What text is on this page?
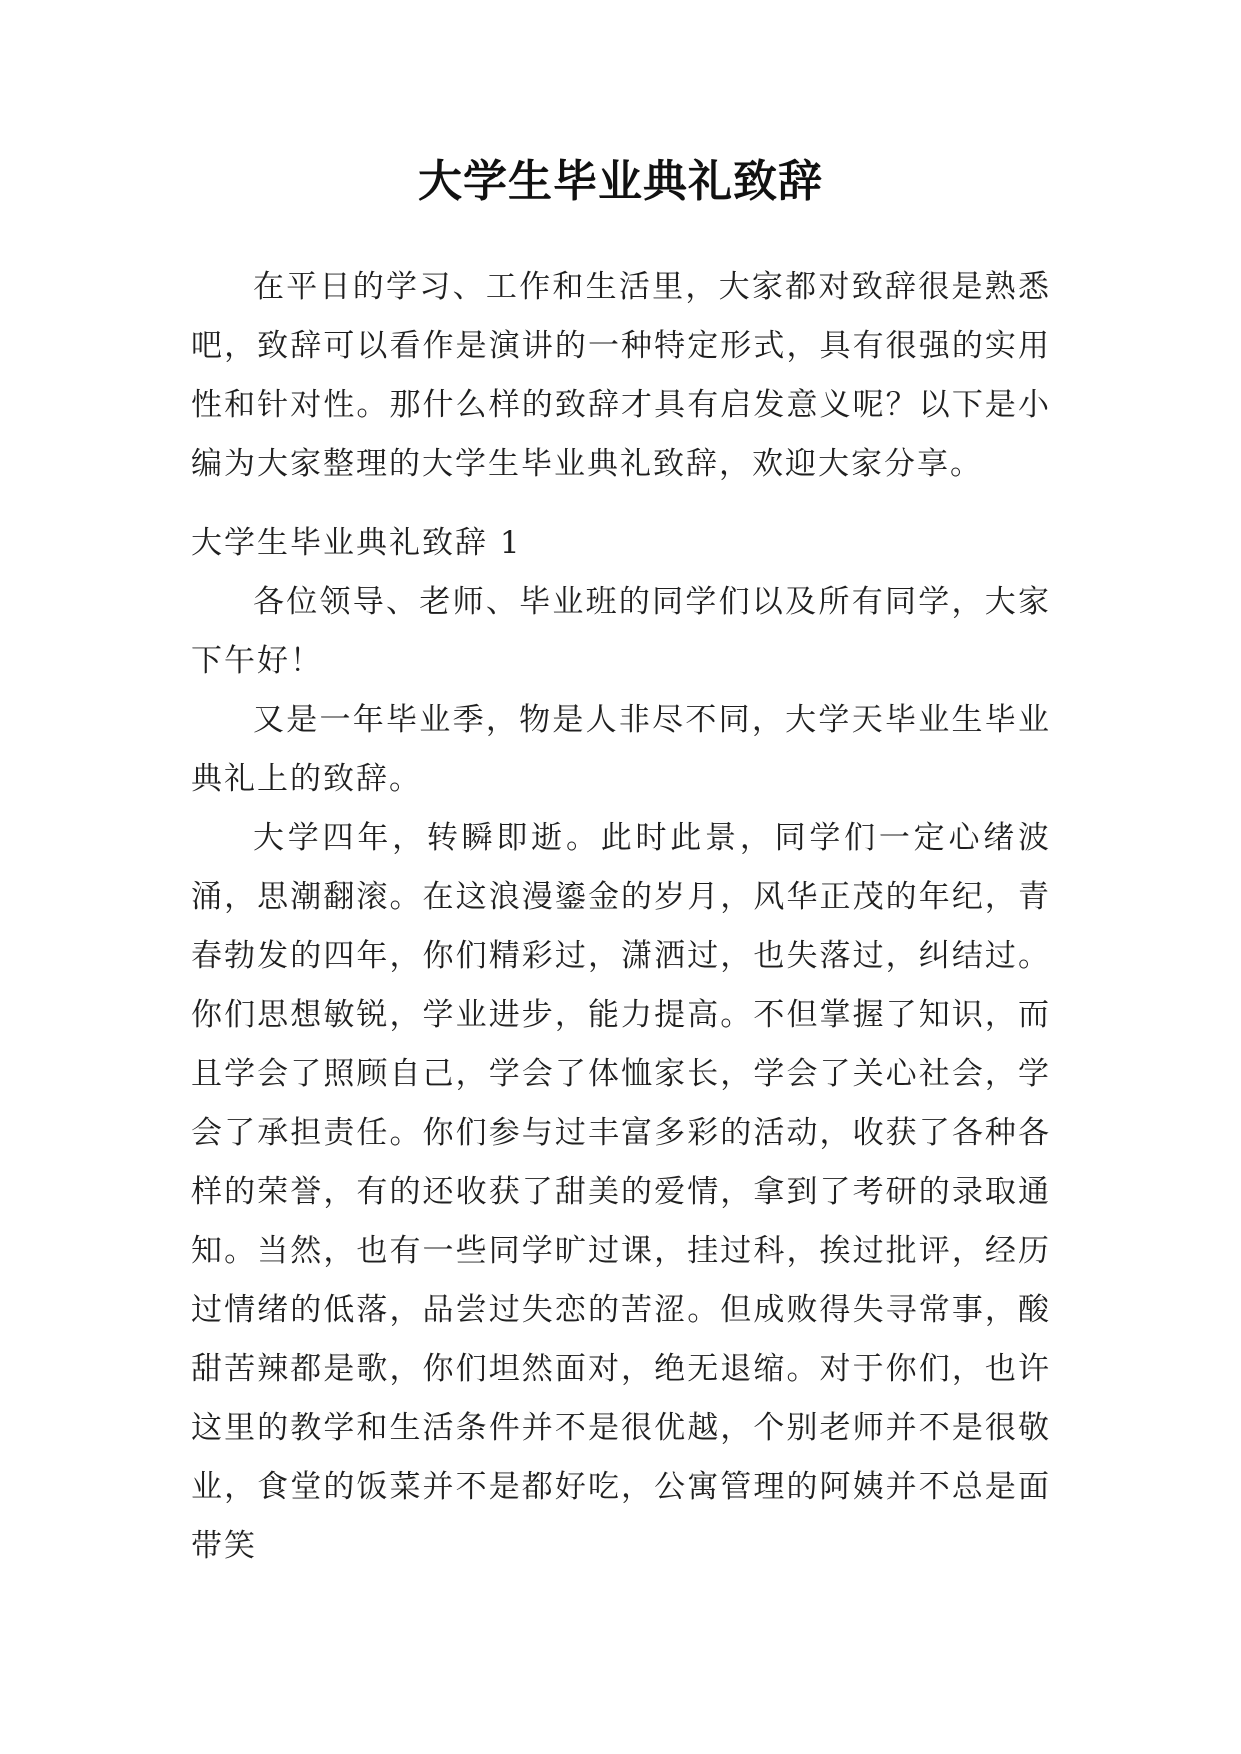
大学生毕业典礼致辞

在平日的学习、工作和生活里，大家都对致辞很是熟悉吧，致辞可以看作是演讲的一种特定形式，具有很强的实用性和针对性。那什么样的致辞才具有启发意义呢？以下是小编为大家整理的大学生毕业典礼致辞，欢迎大家分享。

大学生毕业典礼致辞 1

各位领导、老师、毕业班的同学们以及所有同学，大家下午好！

又是一年毕业季，物是人非尽不同，大学天毕业生毕业典礼上的致辞。

大学四年，转瞬即逝。此时此景，同学们一定心绪波涌，思潮翻滚。在这浪漫鎏金的岁月，风华正茂的年纪，青春勃发的四年，你们精彩过，潇洒过，也失落过，纠结过。你们思想敏锐，学业进步，能力提高。不但掌握了知识，而且学会了照顾自己，学会了体恤家长，学会了关心社会，学会了承担责任。你们参与过丰富多彩的活动，收获了各种各样的荣誉，有的还收获了甜美的爱情，拿到了考研的录取通知。当然，也有一些同学旷过课，挂过科，挨过批评，经历过情绪的低落，品尝过失恋的苦涩。但成败得失寻常事，酸甜苦辣都是歌，你们坦然面对，绝无退缩。对于你们，也许这里的教学和生活条件并不是很优越，个别老师并不是很敬业，食堂的饭菜并不是都好吃，公寓管理的阿姨并不总是面带笑
